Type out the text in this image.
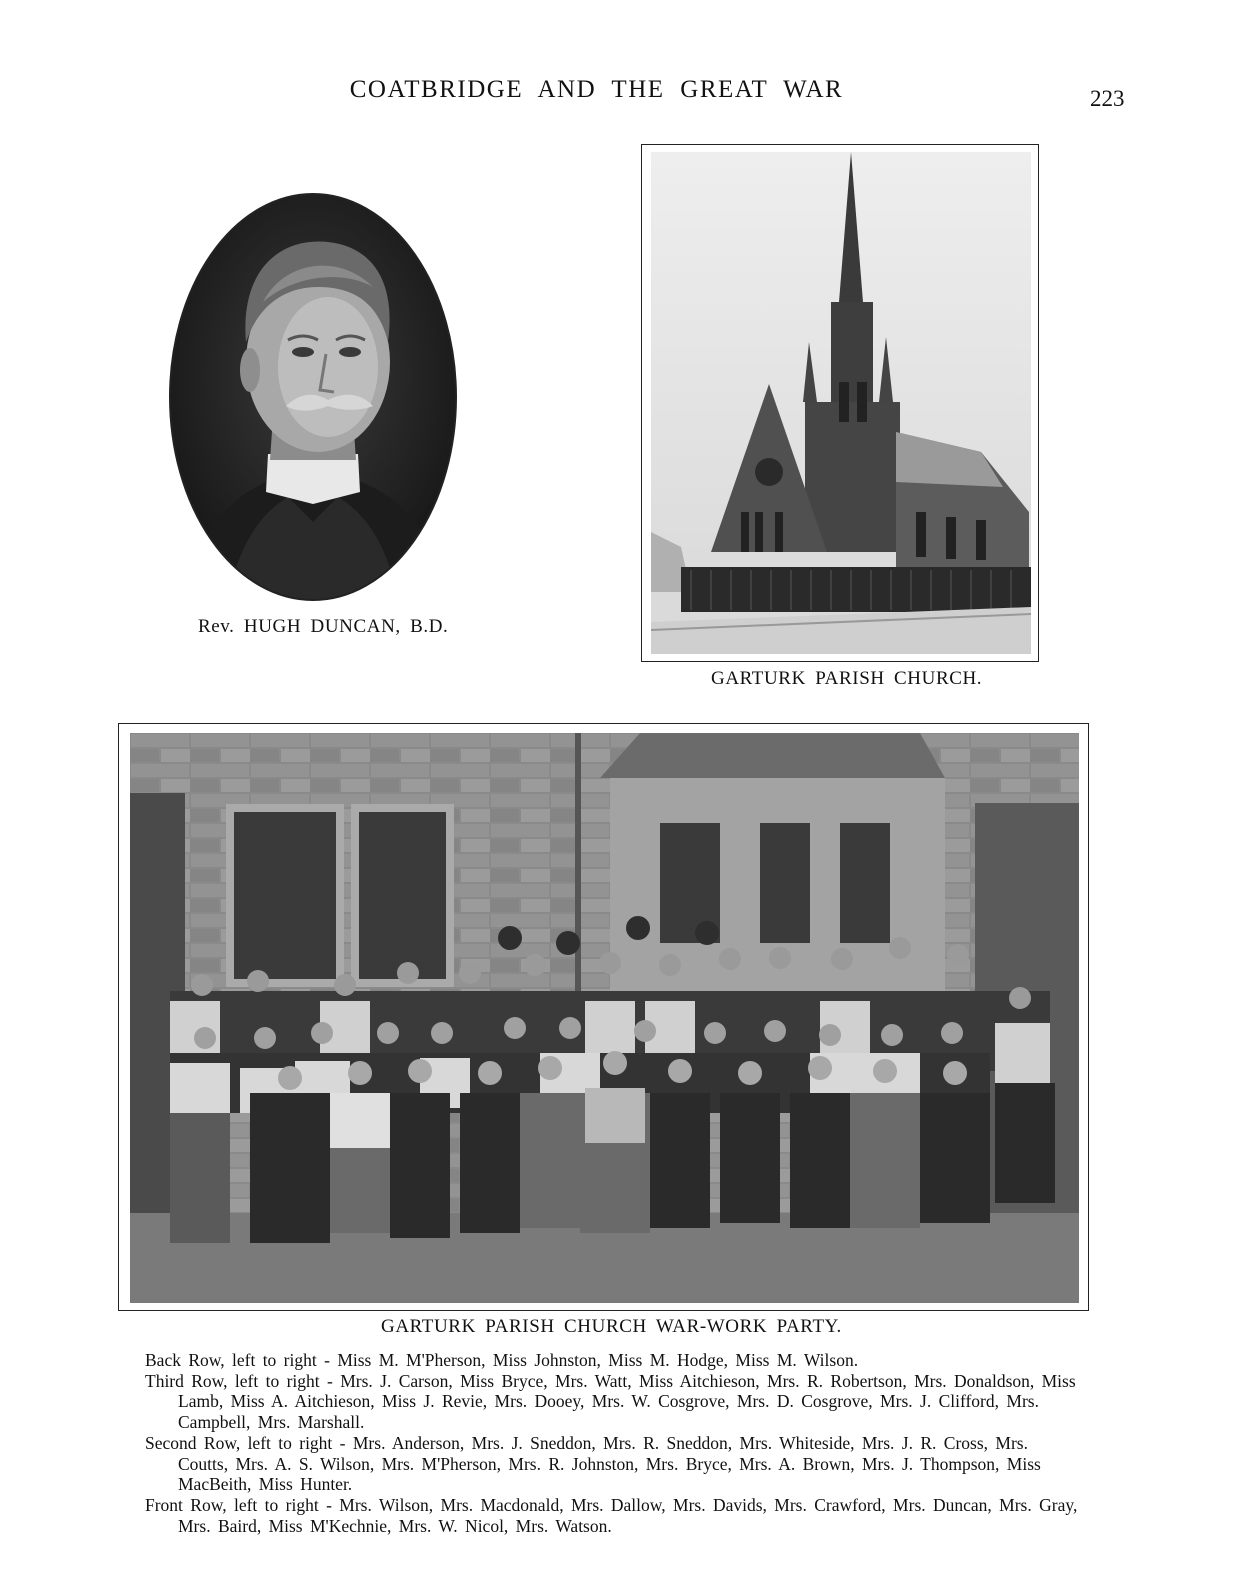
COATBRIDGE AND THE GREAT WAR	223
Rev. HUGH DUNCAN, B.D.
GARTURK PARISH CHURCH.
GARTURK PARISH CHURCH WAR-WORK PARTY.

Back Row, left to right - Miss M. M'Pherson, Miss Johnston, Miss M. Hodge, Miss M. Wilson.

Third Row, left to right - Mrs. J. Carson, Miss Bryce, Mrs. Watt, Miss Aitchieson, Mrs. R. Robertson, Mrs. Donaldson, Miss Lamb, Miss A. Aitchieson, Miss J. Revie, Mrs. Dooey, Mrs. W. Cosgrove, Mrs. D. Cosgrove, Mrs. J. Clifford, Mrs. Campbell, Mrs. Marshall.

Second Row, left to right - Mrs. Anderson, Mrs. J. Sneddon, Mrs. R. Sneddon, Mrs. Whiteside, Mrs. J. R. Cross, Mrs. Coutts, Mrs. A. S. Wilson, Mrs. M'Pherson, Mrs. R. Johnston, Mrs. Bryce, Mrs. A. Brown, Mrs. J. Thompson, Miss MacBeith, Miss Hunter.

Front Row, left to right - Mrs. Wilson, Mrs. Macdonald, Mrs. Dallow, Mrs. Davids, Mrs. Crawford, Mrs. Duncan, Mrs. Gray, Mrs. Baird, Miss M'Kechnie, Mrs. W. Nicol, Mrs. Watson.
